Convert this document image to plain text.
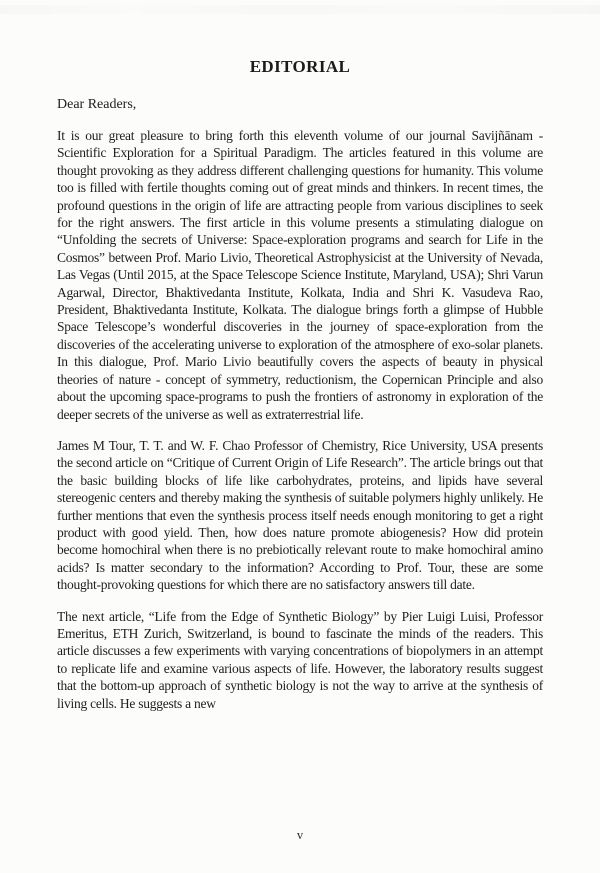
EDITORIAL

Dear Readers,

It is our great pleasure to bring forth this eleventh volume of our journal Savijñānam - Scientific Exploration for a Spiritual Paradigm. The articles featured in this volume are thought provoking as they address different challenging questions for humanity. This volume too is filled with fertile thoughts coming out of great minds and thinkers. In recent times, the profound questions in the origin of life are attracting people from various disciplines to seek for the right answers. The first article in this volume presents a stimulating dialogue on “Unfolding the secrets of Universe: Space-exploration programs and search for Life in the Cosmos” between Prof. Mario Livio, Theoretical Astrophysicist at the University of Nevada, Las Vegas (Until 2015, at the Space Telescope Science Institute, Maryland, USA); Shri Varun Agarwal, Director, Bhaktivedanta Institute, Kolkata, India and Shri K. Vasudeva Rao, President, Bhaktivedanta Institute, Kolkata. The dialogue brings forth a glimpse of Hubble Space Telescope’s wonderful discoveries in the journey of space-exploration from the discoveries of the accelerating universe to exploration of the atmosphere of exo-solar planets. In this dialogue, Prof. Mario Livio beautifully covers the aspects of beauty in physical theories of nature - concept of symmetry, reductionism, the Copernican Principle and also about the upcoming space-programs to push the frontiers of astronomy in exploration of the deeper secrets of the universe as well as extraterrestrial life.

James M Tour, T. T. and W. F. Chao Professor of Chemistry, Rice University, USA presents the second article on “Critique of Current Origin of Life Research”. The article brings out that the basic building blocks of life like carbohydrates, proteins, and lipids have several stereogenic centers and thereby making the synthesis of suitable polymers highly unlikely. He further mentions that even the synthesis process itself needs enough monitoring to get a right product with good yield. Then, how does nature promote abiogenesis? How did protein become homochiral when there is no prebiotically relevant route to make homochiral amino acids? Is matter secondary to the information? According to Prof. Tour, these are some thought-provoking questions for which there are no satisfactory answers till date.

The next article, “Life from the Edge of Synthetic Biology” by Pier Luigi Luisi, Professor Emeritus, ETH Zurich, Switzerland, is bound to fascinate the minds of the readers. This article discusses a few experiments with varying concentrations of biopolymers in an attempt to replicate life and examine various aspects of life. However, the laboratory results suggest that the bottom-up approach of synthetic biology is not the way to arrive at the synthesis of living cells. He suggests a new

v
